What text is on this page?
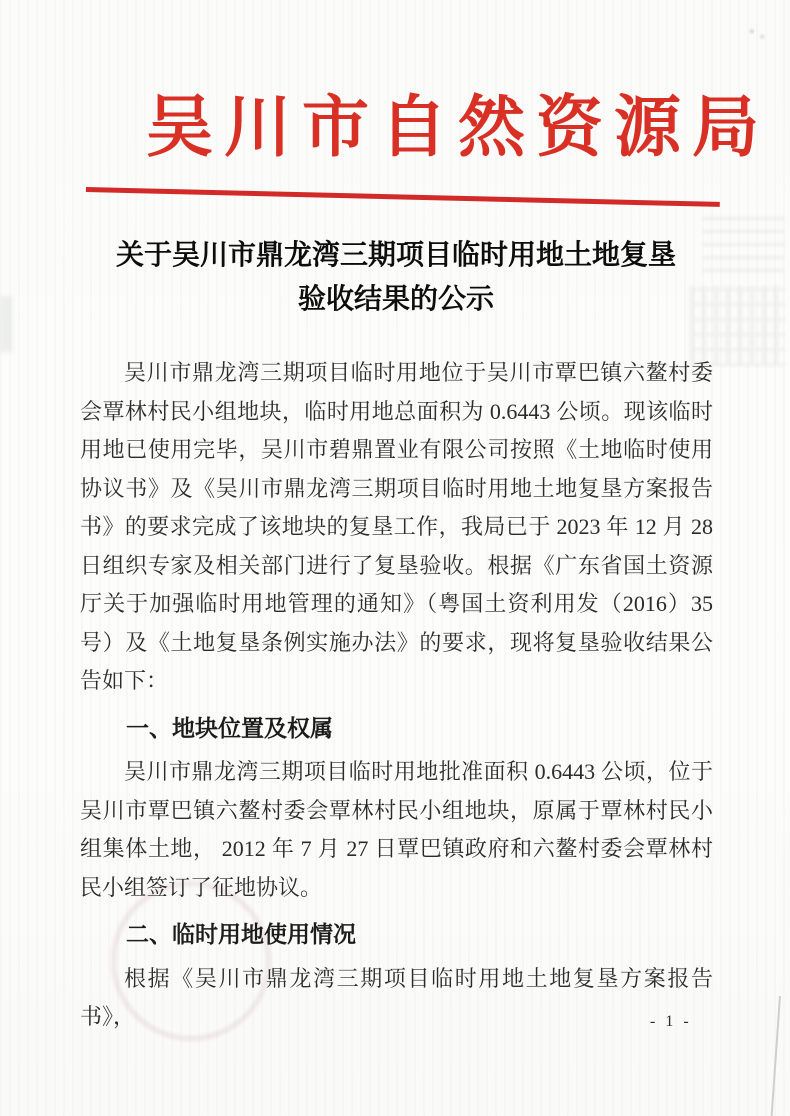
吴川市自然资源局
关于吴川市鼎龙湾三期项目临时用地土地复垦
验收结果的公示

吴川市鼎龙湾三期项目临时用地位于吴川市覃巴镇六鳌村委会覃林村民小组地块，临时用地总面积为 0.6443 公顷。现该临时用地已使用完毕，吴川市碧鼎置业有限公司按照《土地临时使用协议书》及《吴川市鼎龙湾三期项目临时用地土地复垦方案报告书》的要求完成了该地块的复垦工作，我局已于 2023 年 12 月 28 日组织专家及相关部门进行了复垦验收。根据《广东省国土资源厅关于加强临时用地管理的通知》（粤国土资利用发（2016）35 号）及《土地复垦条例实施办法》的要求，现将复垦验收结果公告如下：

一、地块位置及权属

吴川市鼎龙湾三期项目临时用地批准面积 0.6443 公顷，位于吴川市覃巴镇六鳌村委会覃林村民小组地块，原属于覃林村民小组集体土地， 2012 年 7 月 27 日覃巴镇政府和六鳌村委会覃林村民小组签订了征地协议。

二、临时用地使用情况

根据《吴川市鼎龙湾三期项目临时用地土地复垦方案报告书》，	- 1 -
